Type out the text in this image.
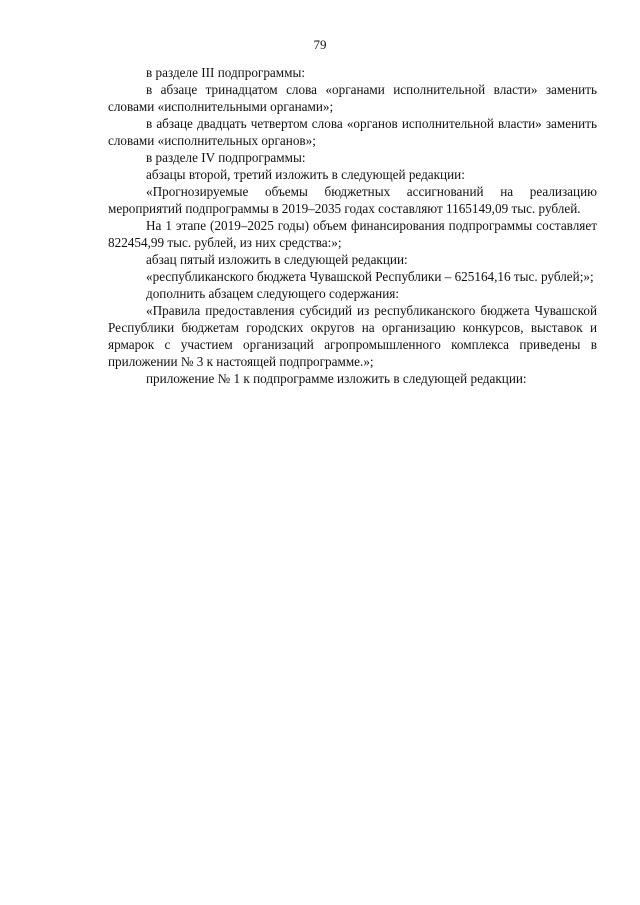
79

в разделе III подпрограммы:

в абзаце тринадцатом слова «органами исполнительной власти» заменить словами «исполнительными органами»;

в абзаце двадцать четвертом слова «органов исполнительной власти» заменить словами «исполнительных органов»;

в разделе IV подпрограммы:

абзацы второй, третий изложить в следующей редакции:

«Прогнозируемые объемы бюджетных ассигнований на реализацию мероприятий подпрограммы в 2019–2035 годах составляют 1165149,09 тыс. рублей.

На 1 этапе (2019–2025 годы) объем финансирования подпрограммы составляет 822454,99 тыс. рублей, из них средства:»;

абзац пятый изложить в следующей редакции:

«республиканского бюджета Чувашской Республики – 625164,16 тыс. рублей;»;

дополнить абзацем следующего содержания:

«Правила предоставления субсидий из республиканского бюджета Чувашской Республики бюджетам городских округов на организацию конкурсов, выставок и ярмарок с участием организаций агропромышленного комплекса приведены в приложении № 3 к настоящей подпрограмме.»;

приложение № 1 к подпрограмме изложить в следующей редакции:
